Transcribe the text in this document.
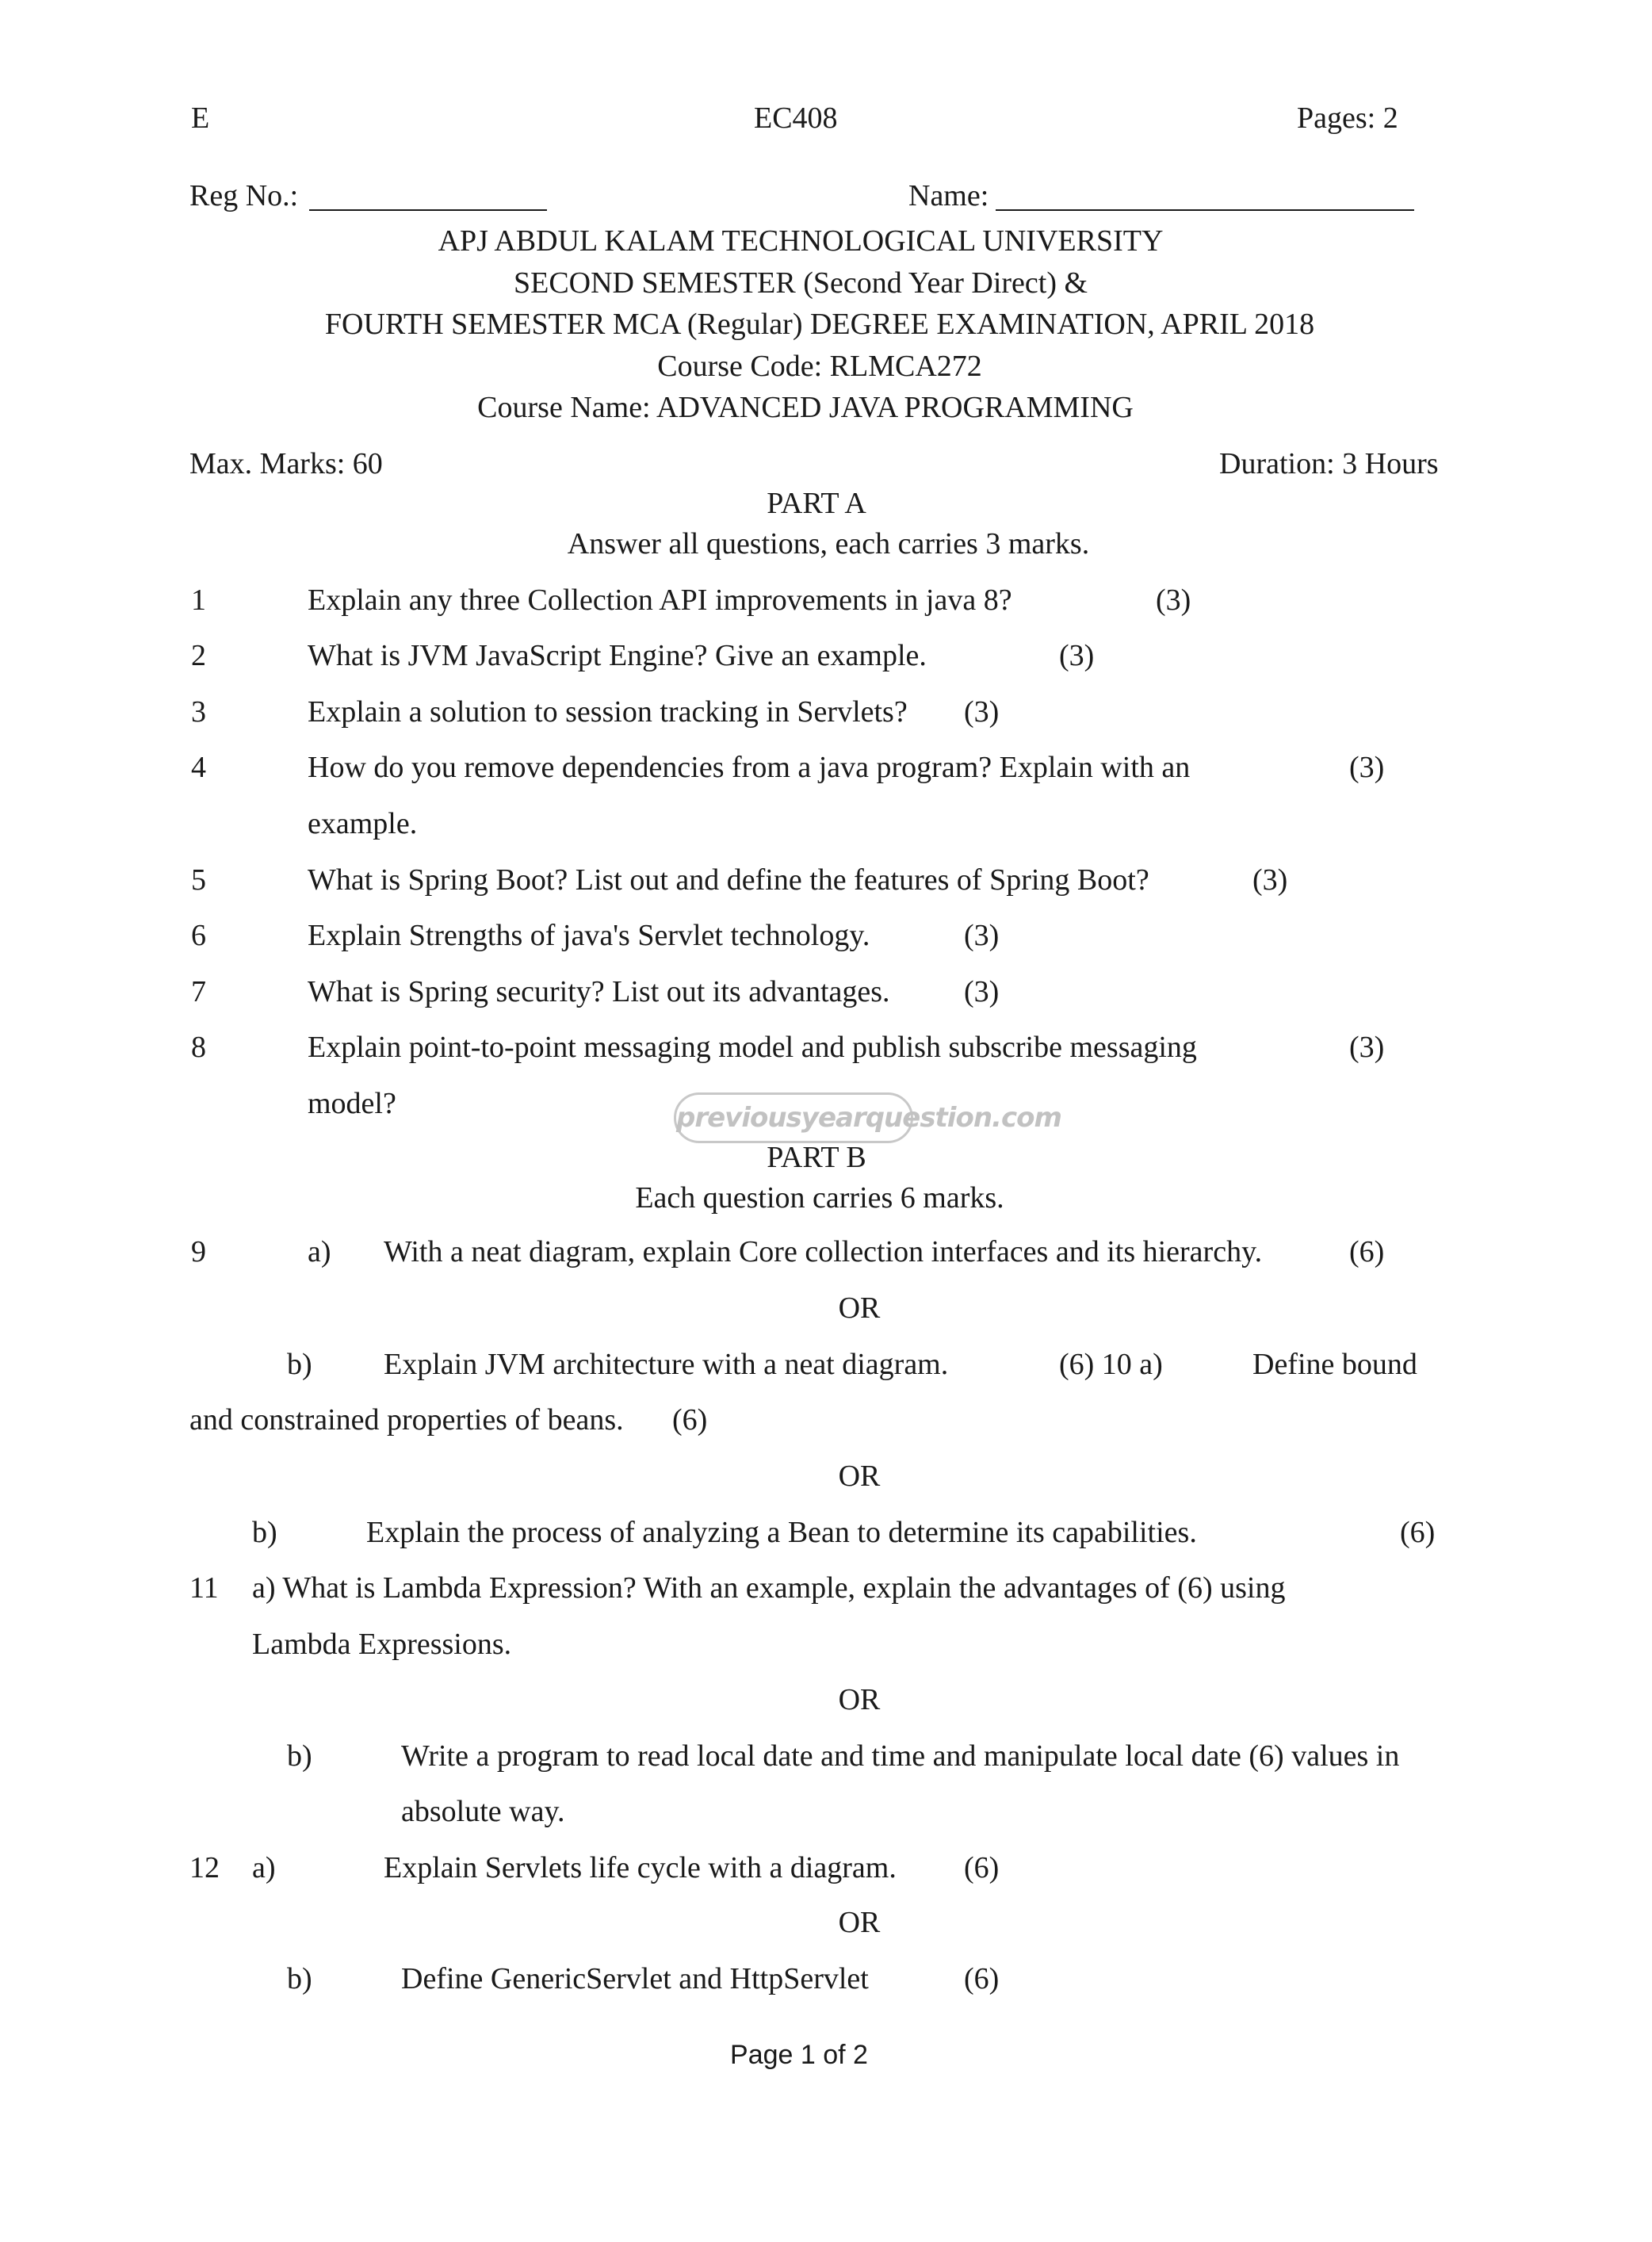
E	EC408	Pages: 2
Reg No.:	Name:
APJ ABDUL KALAM TECHNOLOGICAL UNIVERSITY
SECOND SEMESTER (Second Year Direct) &
FOURTH SEMESTER MCA (Regular) DEGREE EXAMINATION, APRIL 2018
Course Code: RLMCA272
Course Name: ADVANCED JAVA PROGRAMMING
Max. Marks: 60	Duration: 3 Hours
PART A
Answer all questions, each carries 3 marks.
1	Explain any three Collection API improvements in java 8?	(3)
2	What is JVM JavaScript Engine? Give an example.	(3)
3	Explain a solution to session tracking in Servlets? (3)
4	How do you remove dependencies from a java program? Explain with an	(3)
example.
5	What is Spring Boot? List out and define the features of Spring Boot?	(3)
6	Explain Strengths of java's Servlet technology.	(3)
7	What is Spring security? List out its advantages. (3)
8	Explain point-to-point messaging model and publish subscribe messaging	(3)
model?	previousyearquestion.com
PART B
Each question carries 6 marks.
9	a) With a neat diagram, explain Core collection interfaces and its hierarchy.	(6)
OR
b) Explain JVM architecture with a neat diagram.	(6) 10 a)	Define bound
and constrained properties of beans. (6)
OR
b)	Explain the process of analyzing a Bean to determine its capabilities.	(6)
11 a) What is Lambda Expression? With an example, explain the advantages of (6) using
Lambda Expressions.
OR
b)	Write a program to read local date and time and manipulate local date (6) values in
absolute way.
12 a)	Explain Servlets life cycle with a diagram. (6)
OR
b)	Define GenericServlet and HttpServlet	(6)
Page 1 of 2
